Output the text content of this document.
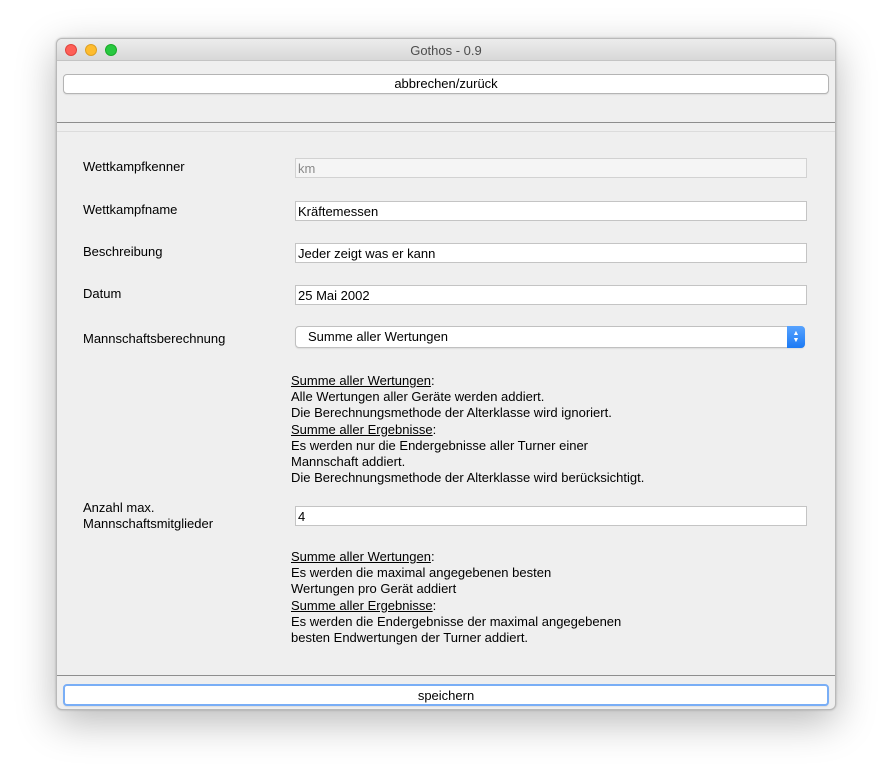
Gothos - 0.9
abbrechen/zurück
Wettkampfkenner
km
Wettkampfname
Kräftemessen
Beschreibung
Jeder zeigt was er kann
Datum
25 Mai 2002
Mannschaftsberechnung	Summe aller Wertungen	▲
▼
Summe aller Wertungen:
Alle Wertungen aller Geräte werden addiert.
Die Berechnungsmethode der Alterklasse wird ignoriert.
Summe aller Ergebnisse:
Es werden nur die Endergebnisse aller Turner einer
Mannschaft addiert.
Die Berechnungsmethode der Alterklasse wird berücksichtigt.
Anzahl max.
Mannschaftsmitglieder
4
Summe aller Wertungen:
Es werden die maximal angegebenen besten
Wertungen pro Gerät addiert
Summe aller Ergebnisse:
Es werden die Endergebnisse der maximal angegebenen
besten Endwertungen der Turner addiert.
speichern
